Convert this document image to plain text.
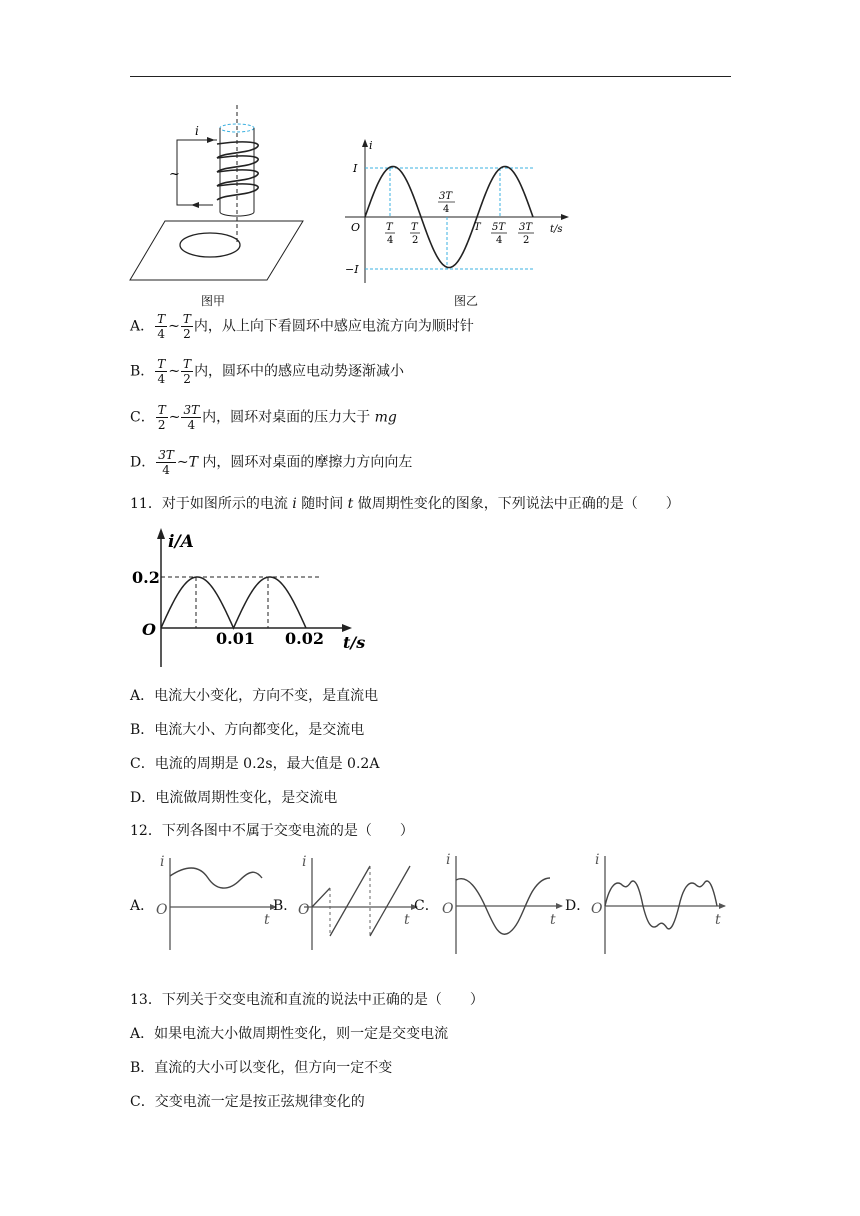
i
~
图甲
i
I
−I
O	t/s
T
4
T
2
3T
4
T 5T
4
3T
2
图乙
A． $\frac{T}{4}$ ~ $\frac{T}{2}$ 内，从上向下看圆环中感应电流方向为顺时针
B． $\frac{T}{4}$ ~ $\frac{T}{2}$ 内，圆环中的感应电动势逐渐减小
C． $\frac{T}{2}$ ~ $\frac{3T}{4}$ 内，圆环对桌面的压力大于 mg
D． $\frac{3T}{4}$ ~T 内，圆环对桌面的摩擦力方向向左
11．对于如图所示的电流 i 随时间 t 做周期性变化的图象，下列说法中正确的是（　　）
i/A
0.2
O	0.01 0.02 t/s
A．电流大小变化，方向不变，是直流电
B．电流大小、方向都变化，是交流电
C．电流的周期是 0.2s，最大值是 0.2A
D．电流做周期性变化，是交流电
12．下列各图中不属于交变电流的是（　　）
A．
i
O
t
B．
i
O
t
C．
i
O
t
D．
i
O
t
13．下列关于交变电流和直流的说法中正确的是（　　）
A．如果电流大小做周期性变化，则一定是交变电流
B．直流的大小可以变化，但方向一定不变
C．交变电流一定是按正弦规律变化的
